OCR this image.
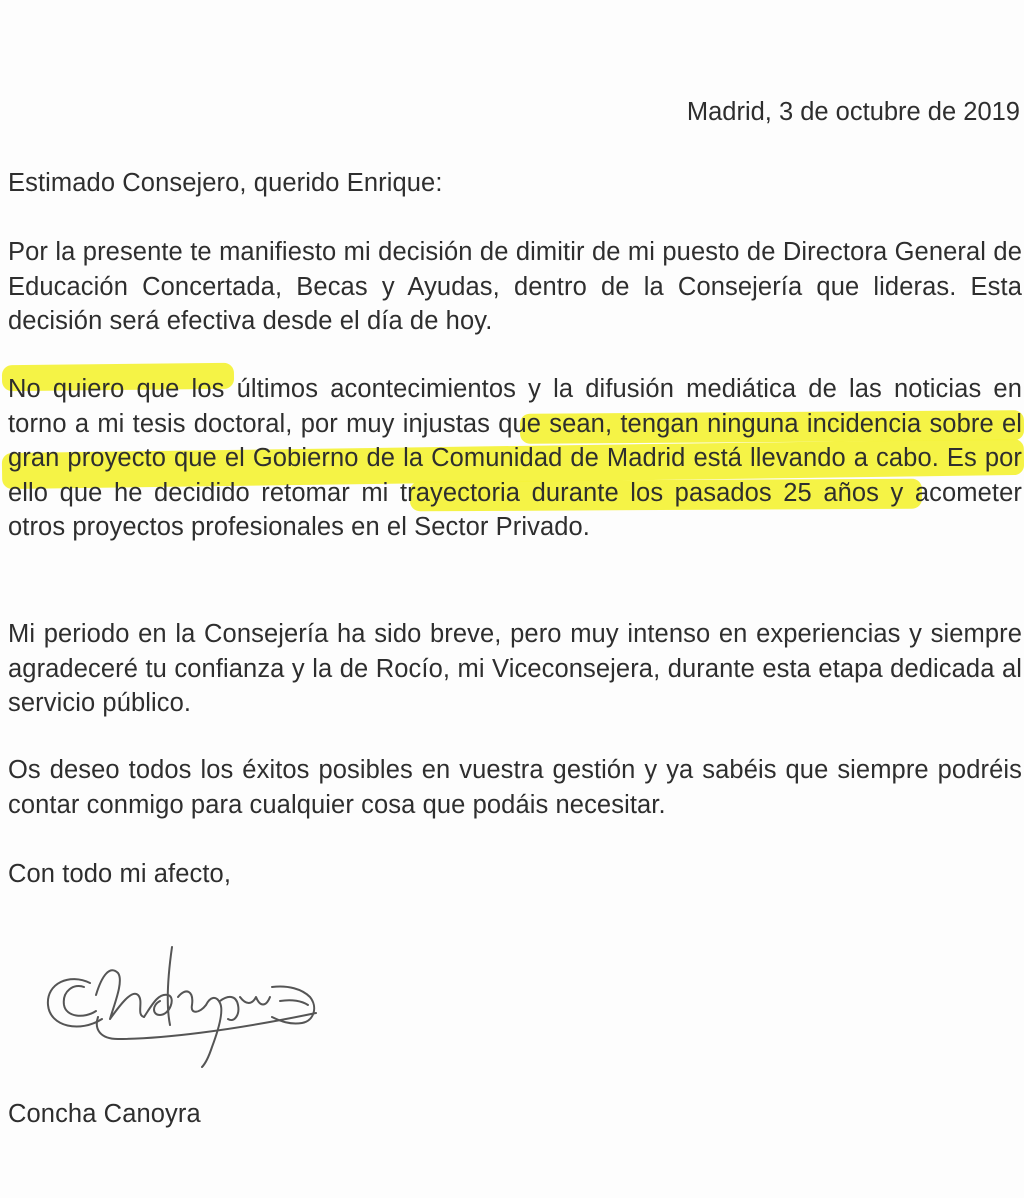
Madrid, 3 de octubre de 2019
Estimado Consejero, querido Enrique:
Por la presente te manifiesto mi decisión de dimitir de mi puesto de Directora General de Educación Concertada, Becas y Ayudas, dentro de la Consejería que lideras. Esta decisión será efectiva desde el día de hoy.
No quiero que los últimos acontecimientos y la difusión mediática de las noticias en torno a mi tesis doctoral, por muy injustas que sean, tengan ninguna incidencia sobre el gran proyecto que el Gobierno de la Comunidad de Madrid está llevando a cabo. Es por ello que he decidido retomar mi trayectoria durante los pasados 25 años y acometer otros proyectos profesionales en el Sector Privado.
Mi periodo en la Consejería ha sido breve, pero muy intenso en experiencias y siempre agradeceré tu confianza y la de Rocío, mi Viceconsejera, durante esta etapa dedicada al servicio público.
Os deseo todos los éxitos posibles en vuestra gestión y ya sabéis que siempre podréis contar conmigo para cualquier cosa que podáis necesitar.
Con todo mi afecto,
Concha Canoyra
